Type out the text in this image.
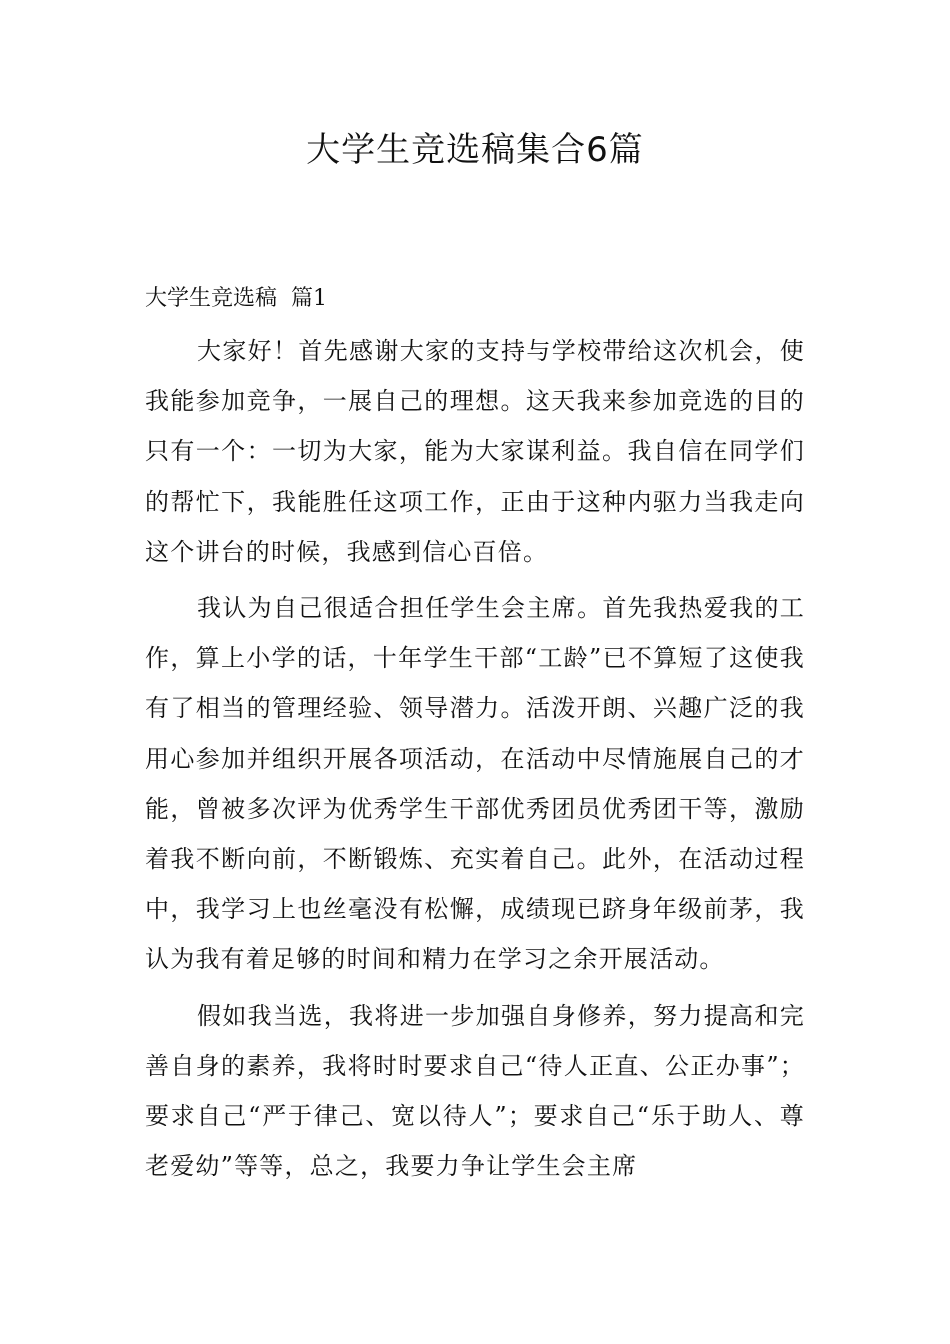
大学生竞选稿集合6篇
大学生竞选稿  篇1

大家好！首先感谢大家的支持与学校带给这次机会，使我能参加竞争，一展自己的理想。这天我来参加竞选的目的只有一个：一切为大家，能为大家谋利益。我自信在同学们的帮忙下，我能胜任这项工作，正由于这种内驱力当我走向这个讲台的时候，我感到信心百倍。

我认为自己很适合担任学生会主席。首先我热爱我的工作，算上小学的话，十年学生干部“工龄”已不算短了这使我有了相当的管理经验、领导潜力。活泼开朗、兴趣广泛的我用心参加并组织开展各项活动，在活动中尽情施展自己的才能，曾被多次评为优秀学生干部优秀团员优秀团干等，激励着我不断向前，不断锻炼、充实着自己。此外，在活动过程中，我学习上也丝毫没有松懈，成绩现已跻身年级前茅，我认为我有着足够的时间和精力在学习之余开展活动。

假如我当选，我将进一步加强自身修养，努力提高和完善自身的素养，我将时时要求自己“待人正直、公正办事”；要求自己“严于律己、宽以待人”；要求自己“乐于助人、尊老爱幼”等等，总之，我要力争让学生会主席
